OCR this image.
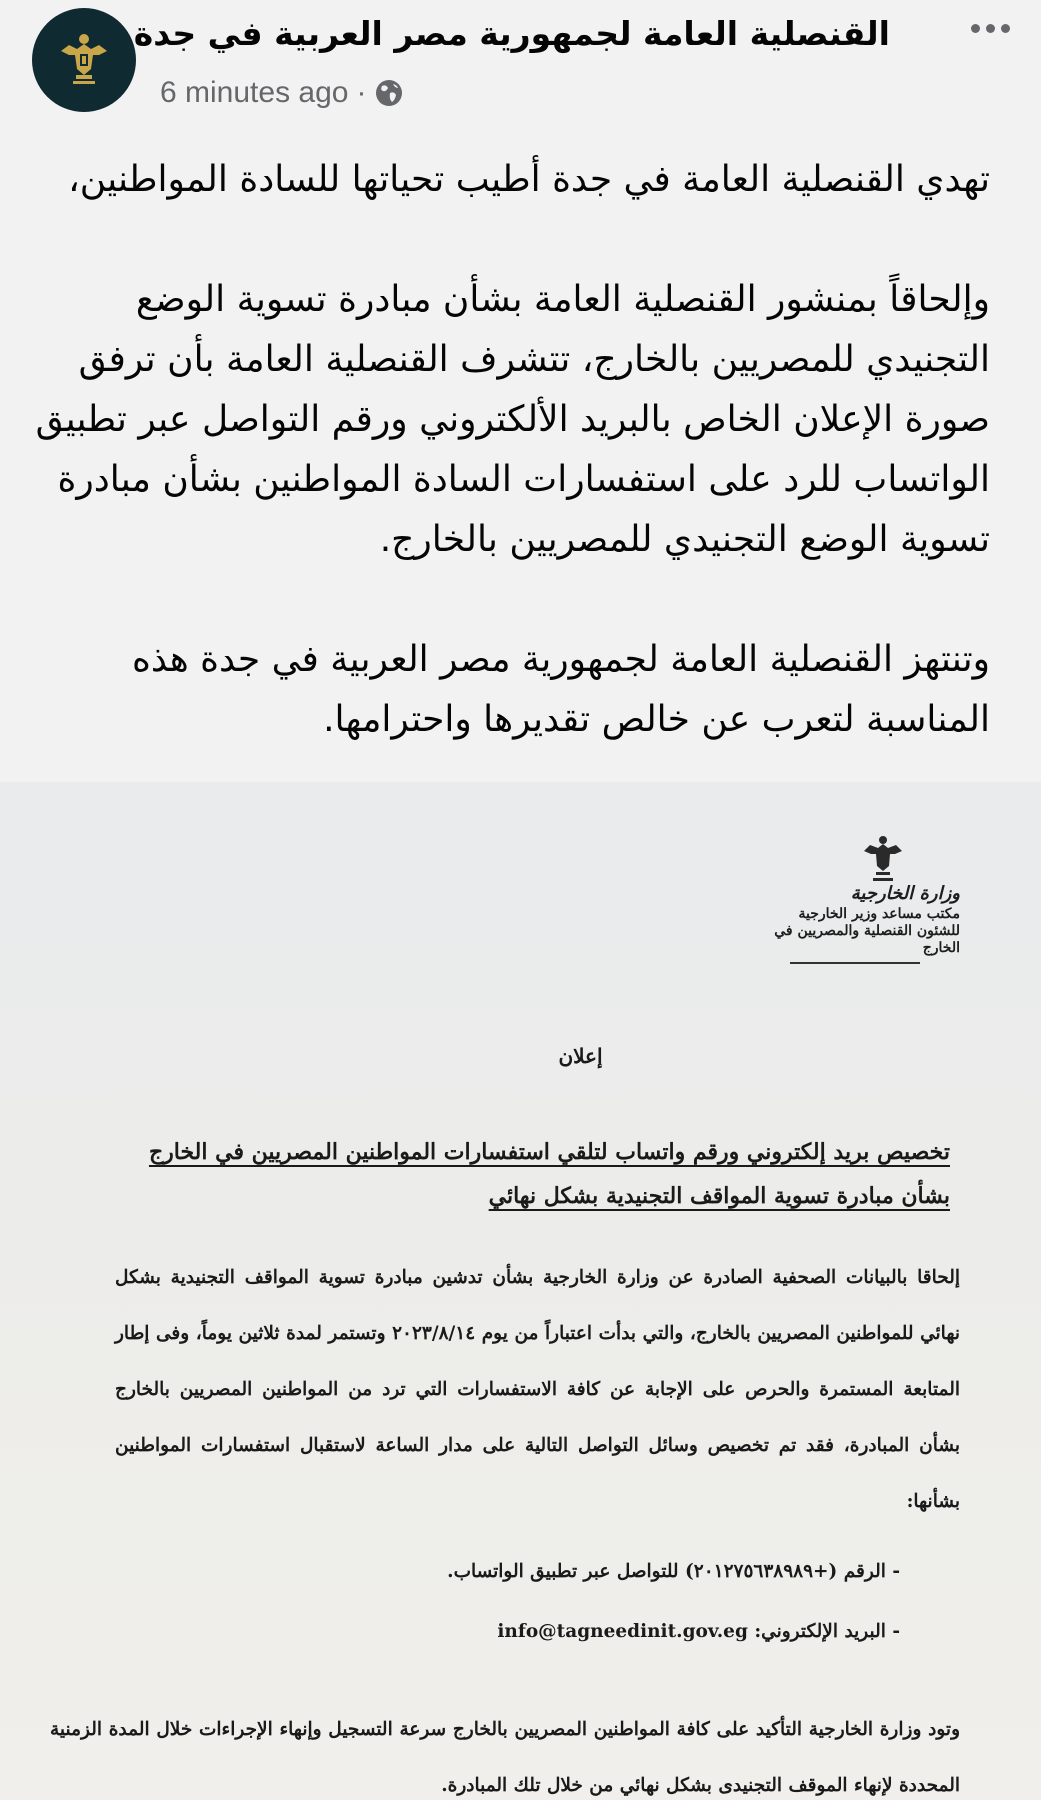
القنصلية العامة لجمهورية مصر العربية في جدة
6 minutes ago ·

تهدي القنصلية العامة في جدة أطيب تحياتها للسادة المواطنين،

وإلحاقاً بمنشور القنصلية العامة بشأن مبادرة تسوية الوضع التجنيدي للمصريين بالخارج، تتشرف القنصلية العامة بأن ترفق صورة الإعلان الخاص بالبريد الألكتروني ورقم التواصل عبر تطبيق الواتساب للرد على استفسارات السادة المواطنين بشأن مبادرة تسوية الوضع التجنيدي للمصريين بالخارج.

وتنتهز القنصلية العامة لجمهورية مصر العربية في جدة هذه المناسبة لتعرب عن خالص تقديرها واحترامها.

وزارة الخارجية
مكتب مساعد وزير الخارجية
للشئون القنصلية والمصريين في الخارج
إعلان
تخصيص بريد إلكتروني ورقم واتساب لتلقي استفسارات المواطنين المصريين في الخارج بشأن مبادرة تسوية المواقف التجنيدية بشكل نهائي
إلحاقا بالبيانات الصحفية الصادرة عن وزارة الخارجية بشأن تدشين مبادرة تسوية المواقف التجنيدية بشكل نهائي للمواطنين المصريين بالخارج، والتي بدأت اعتباراً من يوم ٢٠٢٣/٨/١٤ وتستمر لمدة ثلاثين يوماً، وفى إطار المتابعة المستمرة والحرص على الإجابة عن كافة الاستفسارات التي ترد من المواطنين المصريين بالخارج بشأن المبادرة، فقد تم تخصيص وسائل التواصل التالية على مدار الساعة لاستقبال استفسارات المواطنين بشأنها:
- الرقم (+٢٠١٢٧٥٦٣٨٩٨٩) للتواصل عبر تطبيق الواتساب.
- البريد الإلكتروني: info@tagneedinit.gov.eg
وتود وزارة الخارجية التأكيد على كافة المواطنين المصريين بالخارج سرعة التسجيل وإنهاء الإجراءات خلال المدة الزمنية المحددة لإنهاء الموقف التجنيدى بشكل نهائي من خلال تلك المبادرة.
